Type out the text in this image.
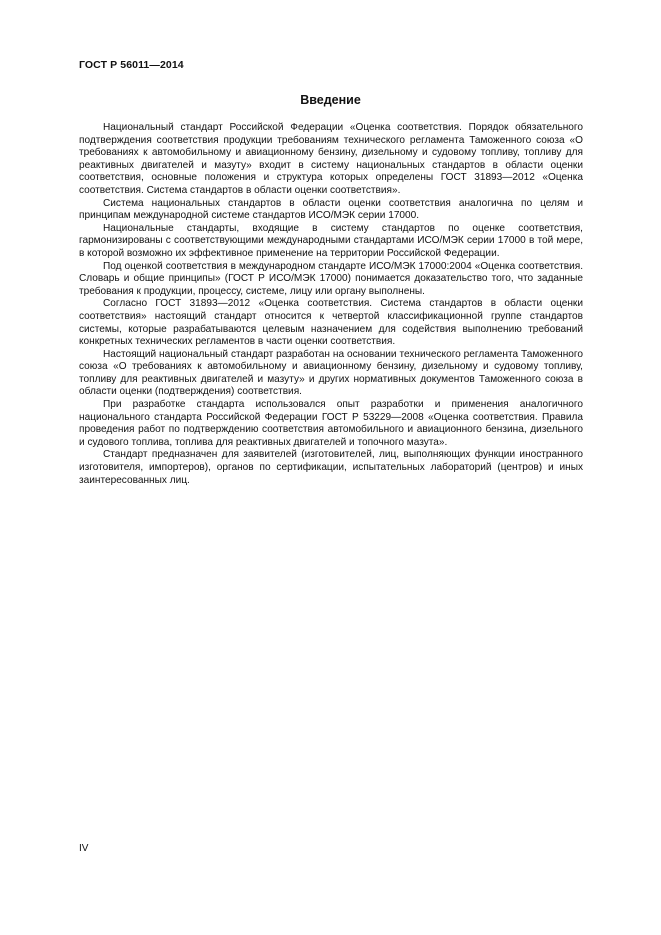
ГОСТ Р 56011—2014
Введение

Национальный стандарт Российской Федерации «Оценка соответствия. Порядок обязательного подтверждения соответствия продукции требованиям технического регламента Таможенного союза «О требованиях к автомобильному и авиационному бензину, дизельному и судовому топливу, топливу для реактивных двигателей и мазуту» входит в систему национальных стандартов в области оценки соответствия, основные положения и структура которых определены ГОСТ 31893—2012 «Оценка соответствия. Система стандартов в области оценки соответствия».

Система национальных стандартов в области оценки соответствия аналогична по целям и принципам международной системе стандартов ИСО/МЭК серии 17000.

Национальные стандарты, входящие в систему стандартов по оценке соответствия, гармонизированы с соответствующими международными стандартами ИСО/МЭК серии 17000 в той мере, в которой возможно их эффективное применение на территории Российской Федерации.

Под оценкой соответствия в международном стандарте ИСО/МЭК 17000:2004 «Оценка соответствия. Словарь и общие принципы» (ГОСТ Р ИСО/МЭК 17000) понимается доказательство того, что заданные требования к продукции, процессу, системе, лицу или органу выполнены.

Согласно ГОСТ 31893—2012 «Оценка соответствия. Система стандартов в области оценки соответствия» настоящий стандарт относится к четвертой классификационной группе стандартов системы, которые разрабатываются целевым назначением для содействия выполнению требований конкретных технических регламентов в части оценки соответствия.

Настоящий национальный стандарт разработан на основании технического регламента Таможенного союза «О требованиях к автомобильному и авиационному бензину, дизельному и судовому топливу, топливу для реактивных двигателей и мазуту» и других нормативных документов Таможенного союза в области оценки (подтверждения) соответствия.

При разработке стандарта использовался опыт разработки и применения аналогичного национального стандарта Российской Федерации ГОСТ Р 53229—2008 «Оценка соответствия. Правила проведения работ по подтверждению соответствия автомобильного и авиационного бензина, дизельного и судового топлива, топлива для реактивных двигателей и топочного мазута».

Стандарт предназначен для заявителей (изготовителей, лиц, выполняющих функции иностранного изготовителя, импортеров), органов по сертификации, испытательных лабораторий (центров) и иных заинтересованных лиц.

IV
